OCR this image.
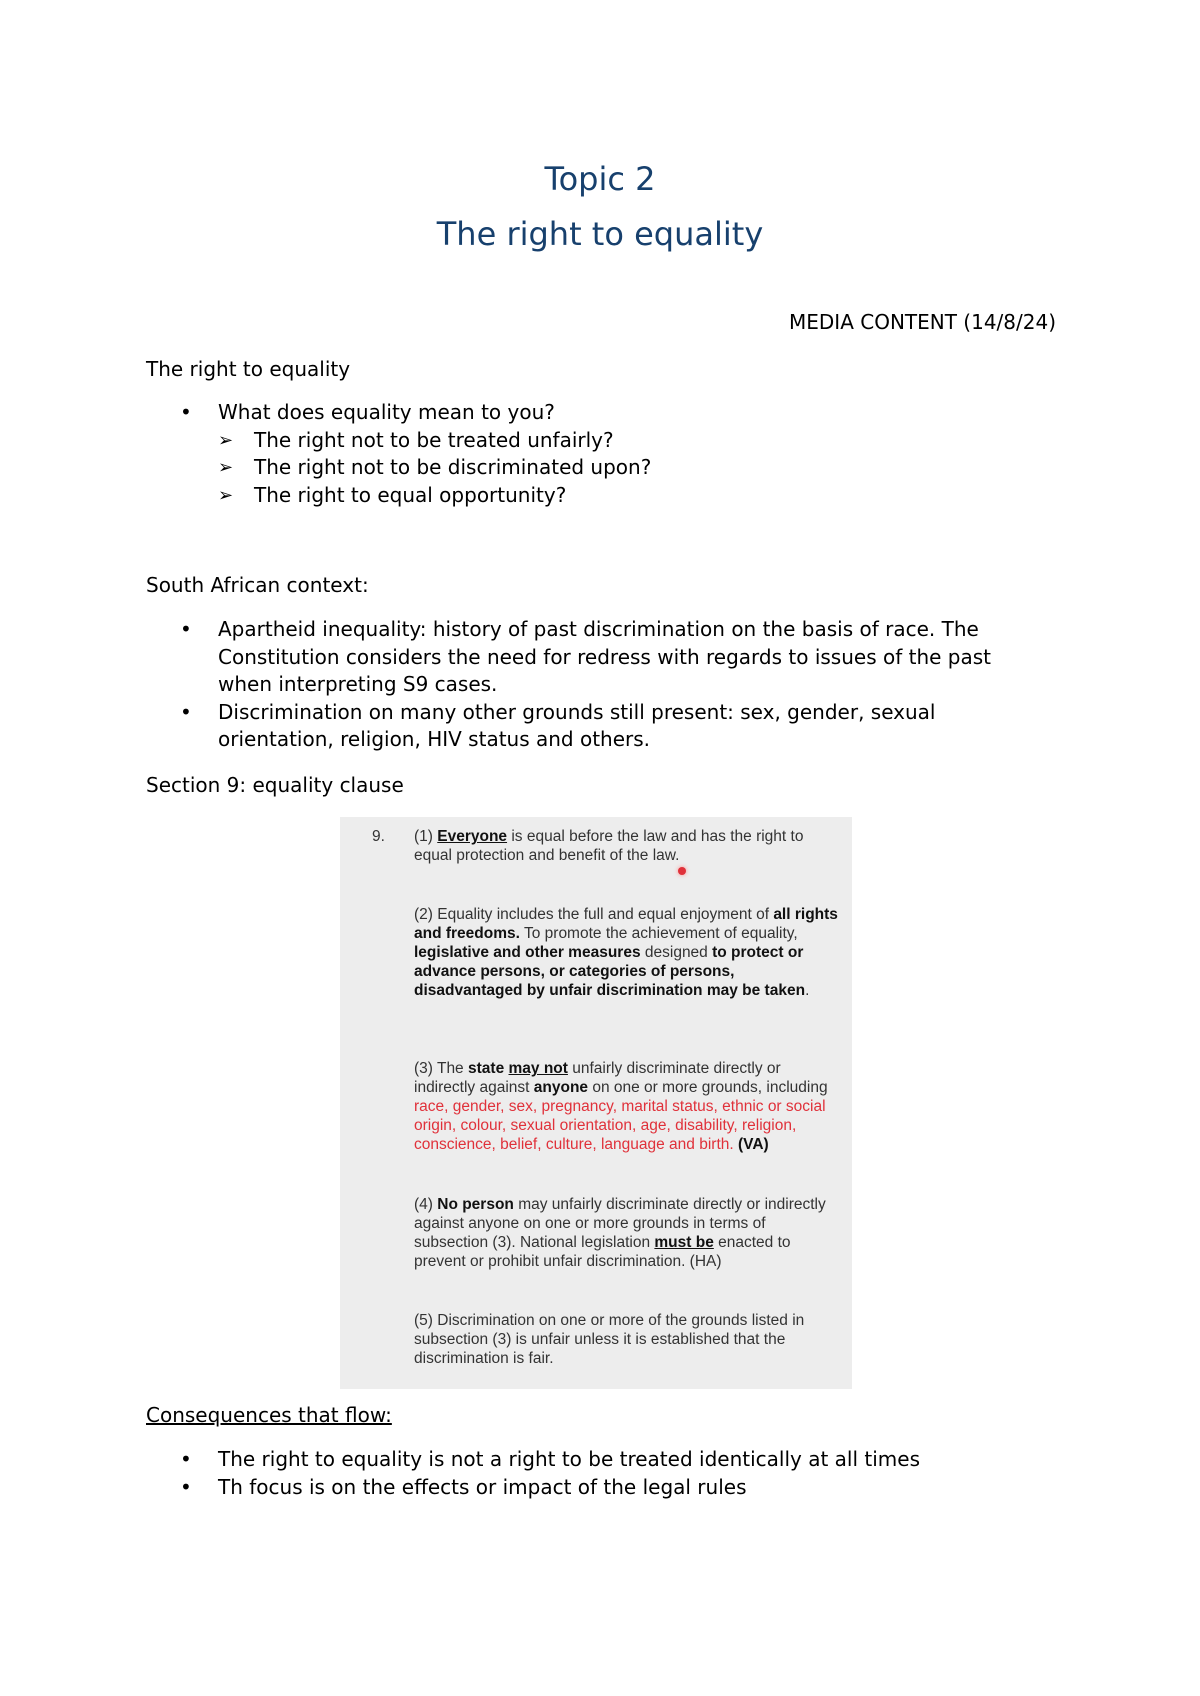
Topic 2
The right to equality
MEDIA CONTENT (14/8/24)
The right to equality
• What does equality mean to you?
➢ The right not to be treated unfairly?
➢ The right not to be discriminated upon?
➢ The right to equal opportunity?
South African context:
• Apartheid inequality: history of past discrimination on the basis of race. The Constitution considers the need for redress with regards to issues of the past when interpreting S9 cases.
• Discrimination on many other grounds still present: sex, gender, sexual orientation, religion, HIV status and others.
Section 9: equality clause
9. (1) Everyone is equal before the law and has the right to equal protection and benefit of the law.
(2) Equality includes the full and equal enjoyment of all rights and freedoms. To promote the achievement of equality, legislative and other measures designed to protect or advance persons, or categories of persons, disadvantaged by unfair discrimination may be taken.
(3) The state may not unfairly discriminate directly or indirectly against anyone on one or more grounds, including race, gender, sex, pregnancy, marital status, ethnic or social origin, colour, sexual orientation, age, disability, religion, conscience, belief, culture, language and birth. (VA)
(4) No person may unfairly discriminate directly or indirectly against anyone on one or more grounds in terms of subsection (3). National legislation must be enacted to prevent or prohibit unfair discrimination. (HA)
(5) Discrimination on one or more of the grounds listed in subsection (3) is unfair unless it is established that the discrimination is fair.
Consequences that flow:
• The right to equality is not a right to be treated identically at all times
• Th focus is on the effects or impact of the legal rules
